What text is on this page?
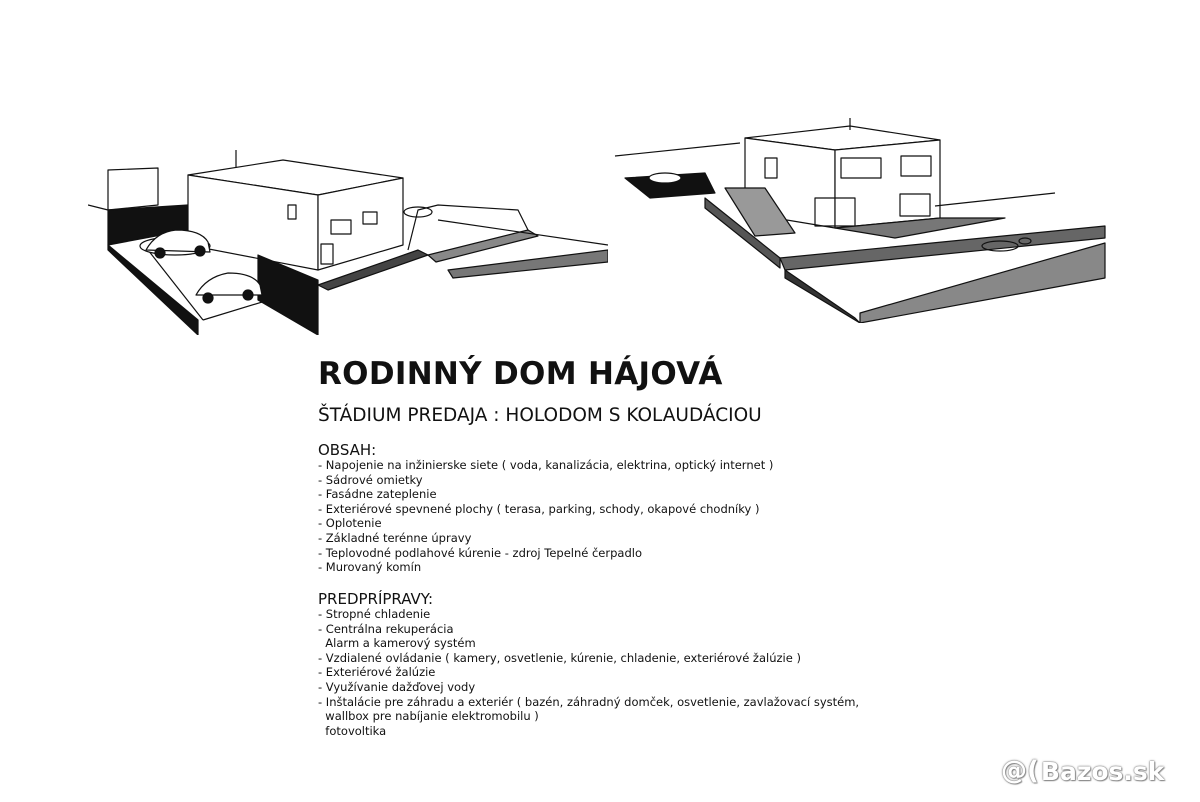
RODINNÝ DOM HÁJOVÁ

ŠTÁDIUM PREDAJA : HOLODOM S KOLAUDÁCIOU

OBSAH:

- Napojenie na inžinierske siete ( voda, kanalizácia, elektrina, optický internet )
- Sádrové omietky
- Fasádne zateplenie
- Exteriérové spevnené plochy ( terasa, parking, schody, okapové chodníky )
- Oplotenie
- Základné terénne úpravy
- Teplovodné podlahové kúrenie - zdroj Tepelné čerpadlo
- Murovaný komín

PREDPRÍPRAVY:

- Stropné chladenie
- Centrálna rekuperácia
Alarm a kamerový systém
- Vzdialené ovládanie ( kamery, osvetlenie, kúrenie, chladenie, exteriérové žalúzie )
- Exteriérové žalúzie
- Využívanie dažďovej vody
- Inštalácie pre záhradu a exteriér ( bazén, záhradný domček, osvetlenie, zavlažovací systém,
wallbox pre nabíjanie elektromobilu )
fotovoltika
@( Bazos.sk
